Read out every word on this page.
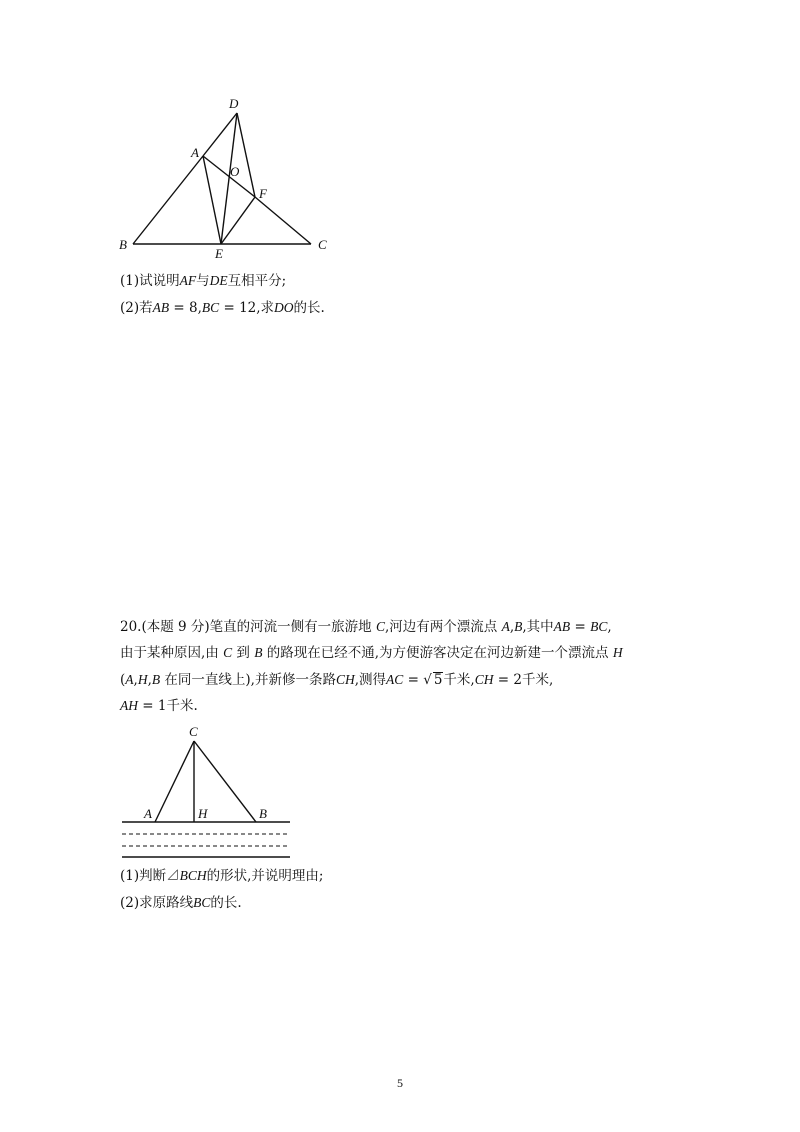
D
A
O
F
B
E
C
(1)试说明AF与DE互相平分;
(2)若AB = 8,BC = 12,求DO的长.
20.(本题 9 分)笔直的河流一侧有一旅游地 C,河边有两个漂流点 A,B,其中AB = BC,
由于某种原因,由 C 到 B 的路现在已经不通,为方便游客决定在河边新建一个漂流点 H
(A,H,B 在同一直线上),并新修一条路CH,测得AC = √ 5千米,CH = 2千米,
AH = 1千米.
C
A	H	B
(1)判断⊿BCH的形状,并说明理由;
(2)求原路线BC的长.
5
